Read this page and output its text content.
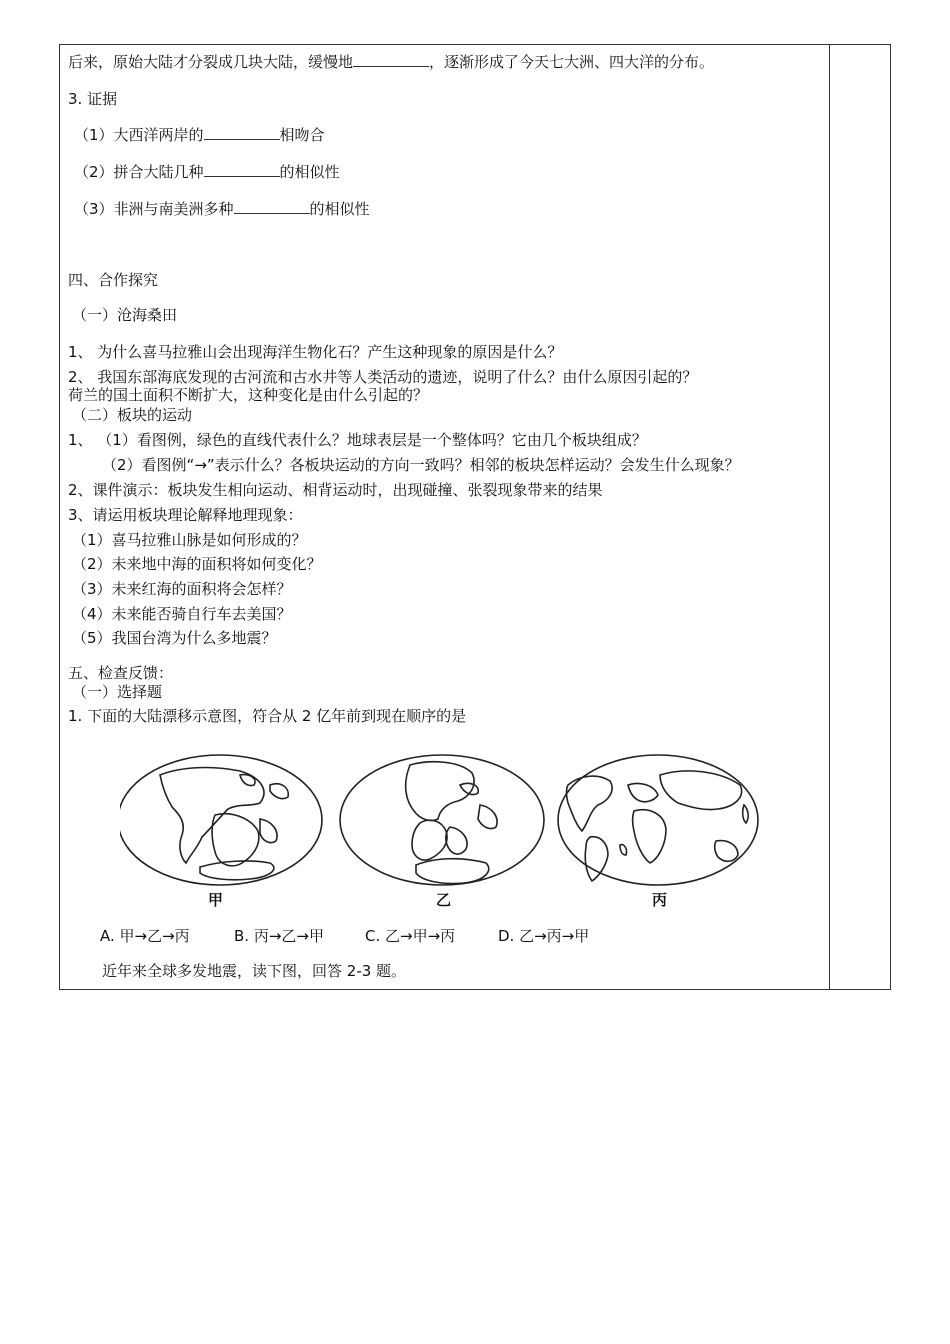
后来，原始大陆才分裂成几块大陆，缓慢地	，逐渐形成了今天七大洲、四大洋的分布。
3. 证据
（1）大西洋两岸的	相吻合
（2）拼合大陆几种	的相似性
（3）非洲与南美洲多种	的相似性
四、合作探究
（一）沧海桑田
1、 为什么喜马拉雅山会出现海洋生物化石？产生这种现象的原因是什么？
2、 我国东部海底发现的古河流和古水井等人类活动的遗迹，说明了什么？由什么原因引起的？
荷兰的国土面积不断扩大，这种变化是由什么引起的？
（二）板块的运动
1、 （1）看图例，绿色的直线代表什么？地球表层是一个整体吗？它由几个板块组成？
（2）看图例“→”表示什么？各板块运动的方向一致吗？相邻的板块怎样运动？会发生什么现象？
2、课件演示：板块发生相向运动、相背运动时，出现碰撞、张裂现象带来的结果
3、请运用板块理论解释地理现象：
（1）喜马拉雅山脉是如何形成的？
（2）未来地中海的面积将如何变化？
（3）未来红海的面积将会怎样？
（4）未来能否骑自行车去美国？
（5）我国台湾为什么多地震？
五、检查反馈：
（一）选择题
1. 下面的大陆漂移示意图，符合从 2 亿年前到现在顺序的是
甲	乙	丙
A. 甲→乙→丙	B. 丙→乙→甲	C. 乙→甲→丙	D. 乙→丙→甲
近年来全球多发地震，读下图，回答 2-3 题。
